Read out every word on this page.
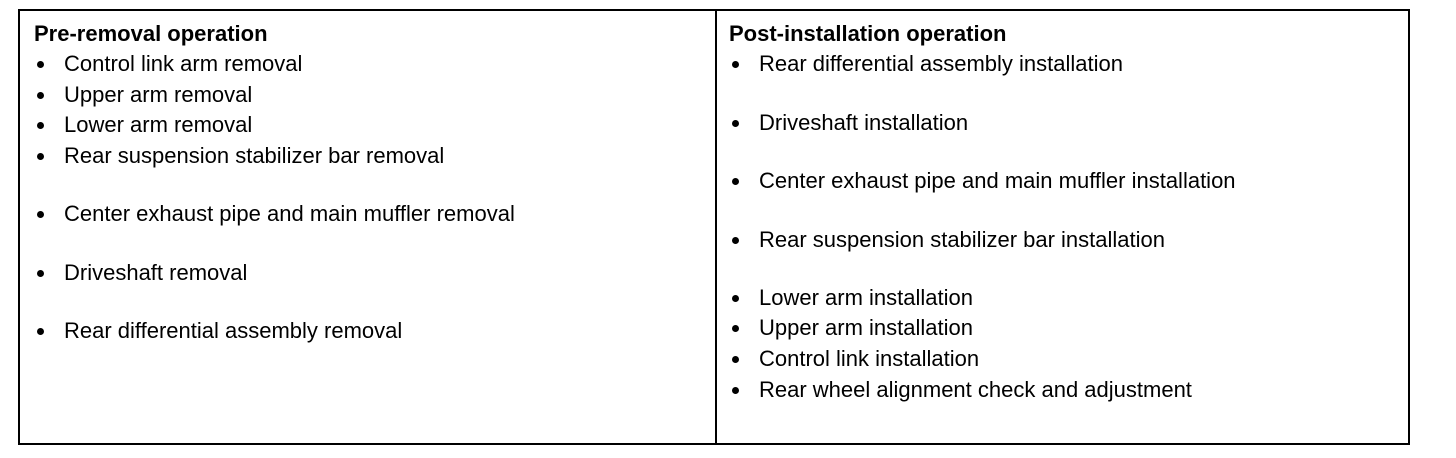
Pre-removal operation
Control link arm removal
Upper arm removal
Lower arm removal
Rear suspension stabilizer bar removal
Center exhaust pipe and main muffler removal
Driveshaft removal
Rear differential assembly removal
Post-installation operation
Rear differential assembly installation
Driveshaft installation
Center exhaust pipe and main muffler installation
Rear suspension stabilizer bar installation
Lower arm installation
Upper arm installation
Control link installation
Rear wheel alignment check and adjustment
